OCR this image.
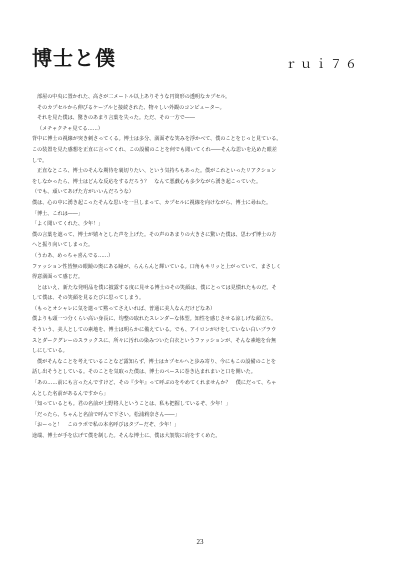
博士と僕	ｒｕｉ７６

部屋の中央に置かれた、高さが二メートル以上ありそうな円筒形の透明なカプセル。

そのカプセルから伸びるケーブルと接続された、物々しい外観のコンピューター。

それを見た僕は、驚きのあまり言葉を失った。ただ、その一方で――

（メチャクチャ見てる……）

背中に博士の視線が突き刺さってくる。博士は多分、満面ぞな笑みを浮かべて、僕のことをじっと見ている。

この装置を見た感想を正直に言ってくれ、この設備のことを何でも聞いてくれ――そんな思いを込めた眼差

しで。

正直なところ、博士のそんな期待を裏切りたい、という気持ちもあった。僕がこれといったリアクション

をしなかったら、博士はどんな反応をするだろう？　なんて悪戯心も多少ながら湧き起こっていた。

（でも、頑いてあげた方がいいんだろうな）

僕は、心の中に湧き起こったそんな思いを一旦しまって、カプセルに視線を向けながら、博士に尋ねた。

「博士、これは――」

「よく聞いてくれた、少年！」

僕の言葉を遮って、博士が嬉々とした声を上げた。その声のあまりの大きさに驚いた僕は、思わず博士の方

へと振り向いてしまった。

（うわあ、めっちゃ喜んでる……）

ファッション性皆無の眼鏡の奥にある瞳が、らんらんと輝いている。口角もキリッと上がっていて、まさしく

得意満面って感じだ。

とはいえ、新たな発明品を僕に披露する度に見せる博士のその笑顔は、僕にとっては見慣れたものだ。そ

して僕は、その笑顔を見るたびに思ってしまう。

（もっとオシャレに気を遣って黙ってさえいれば、普通に美人なんだけどなあ）

僕よりも頭一つ分くらい高い身長に、均整の取れたスレンダーな体型。知性を感じさせる涼しげな顔立ち。

そういう、美人としての素地を、博士は明らかに備えている。でも、アイロンがけをしていない白いブラウ

スとダークグレーのスラックスに、所々に汚れの染みついた白衣というファッションが、そんな素地を台無

しにしている。

僕がそんなことを考えていることなど露知らず、博士はカプセルへと歩み寄り、今にもこの設備のことを

話し出そうとしている。そのことを気取った僕は、博士のペースに巻き込まれまいと口を開いた。

「あの……前にも言ったんですけど、その『少年』って呼ぶのをやめてくれませんか？　僕にだって、ちゃ

んとした名前があるんですから」

「知っているとも。君の名前が上野将人ということは、私も把握しているぞ、少年！」

「だったら、ちゃんと名前で呼んで下さい。松浦莉奈さん――」

「おーっと！　このラボで私の本名呼びはタブーだぞ、少年！」

途端、博士が手を広げて僕を制した。そんな博士に、僕は大袈裟に肩をすくめた。

23
